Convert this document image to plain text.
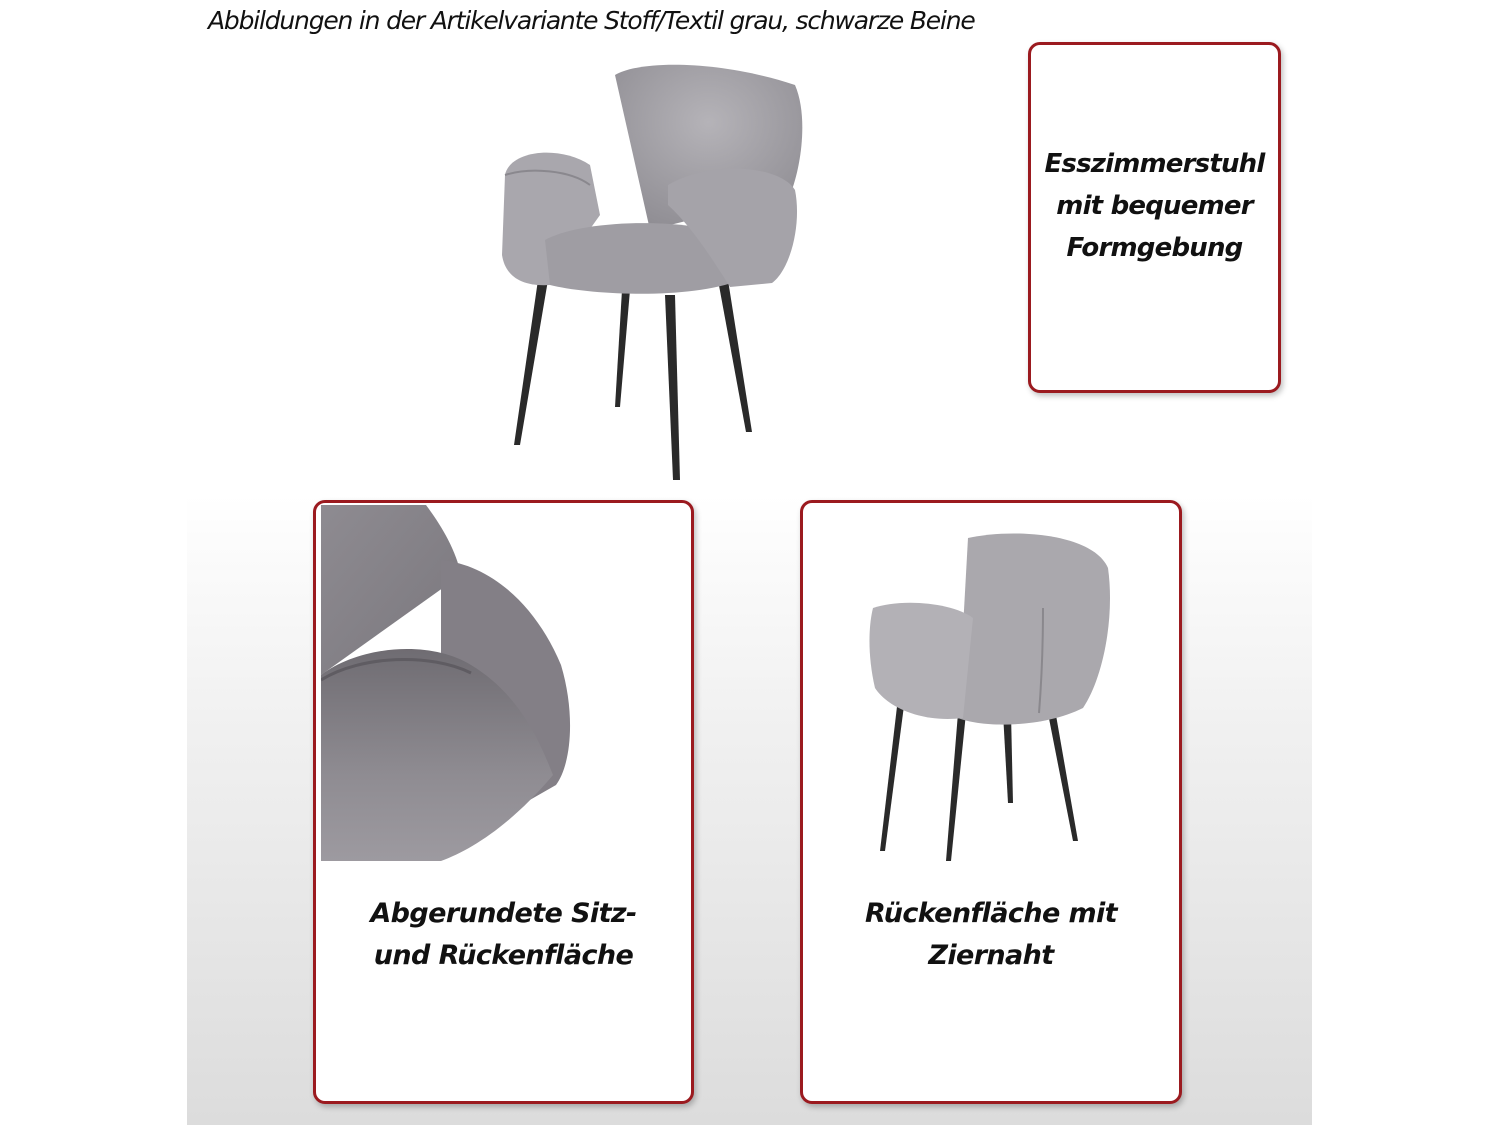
Abbildungen in der Artikelvariante Stoff/Textil grau, schwarze Beine
Esszimmerstuhl
mit bequemer
Formgebung
Abgerundete Sitz-
und Rückenfläche
Rückenfläche mit
Ziernaht
